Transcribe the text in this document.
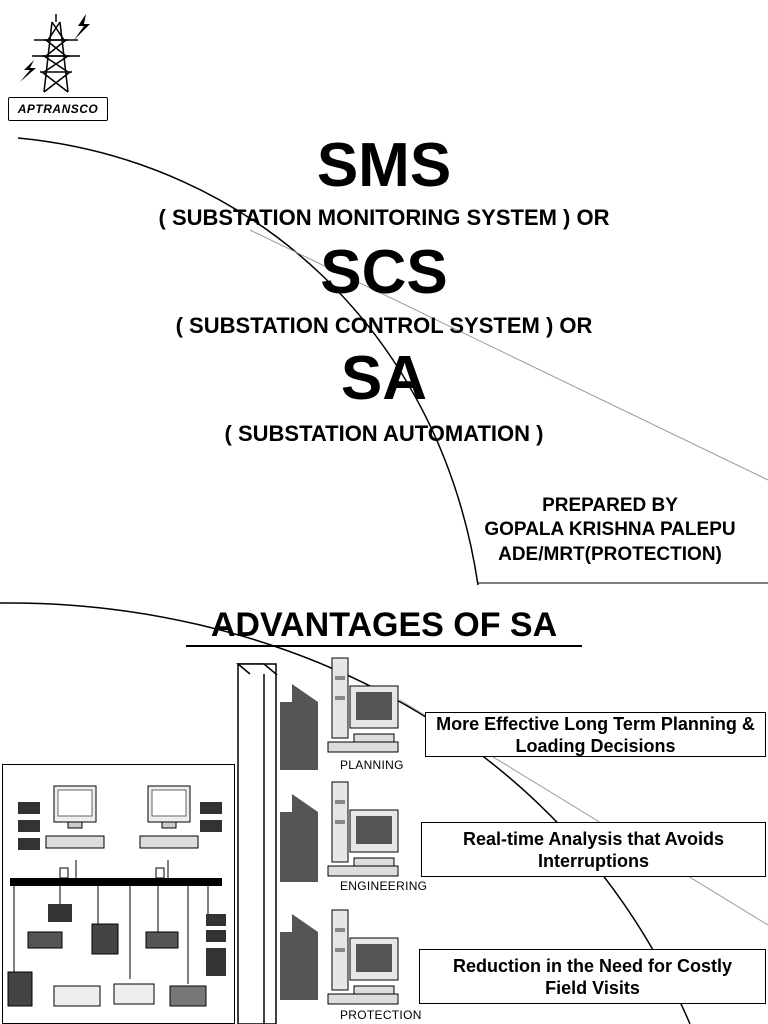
APTRANSCO
SMS
( SUBSTATION MONITORING SYSTEM ) OR
SCS
( SUBSTATION CONTROL SYSTEM ) OR
SA
( SUBSTATION AUTOMATION )
PREPARED BY
GOPALA KRISHNA PALEPU
ADE/MRT(PROTECTION)
ADVANTAGES OF SA
PLANNING
ENGINEERING
PROTECTION
More Effective Long Term Planning & Loading Decisions
Real-time Analysis that Avoids Interruptions
Reduction in the Need for Costly Field Visits
